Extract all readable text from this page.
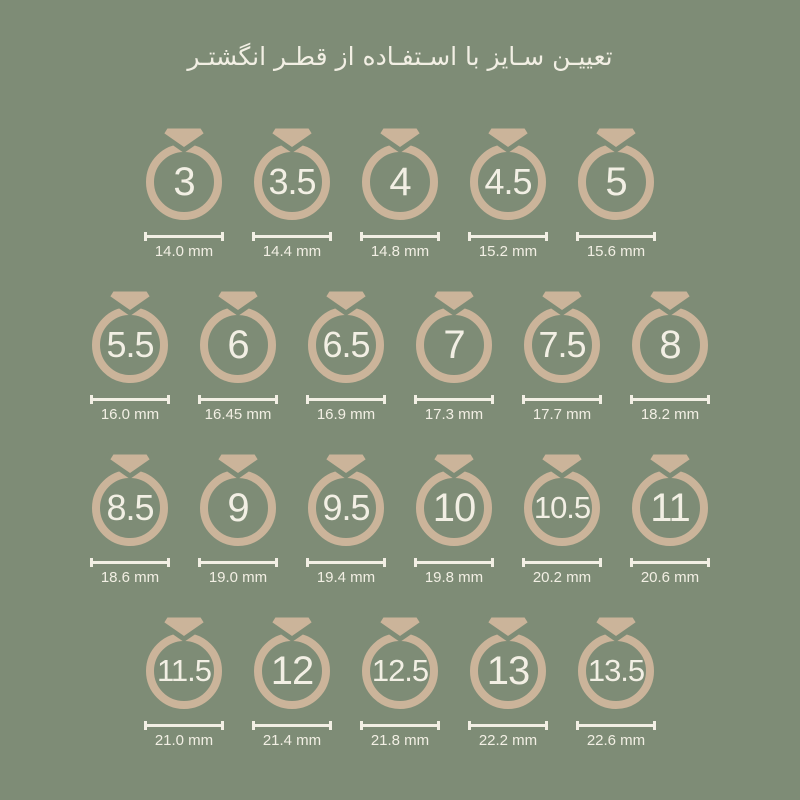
تعییـن سـایز با اسـتفـاده از قطـر انگشتـر
3
14.0 mm
3.5
14.4 mm
4
14.8 mm
4.5
15.2 mm
5
15.6 mm
5.5
16.0 mm
6
16.45 mm
6.5
16.9 mm
7
17.3 mm
7.5
17.7 mm
8
18.2 mm
8.5
18.6 mm
9
19.0 mm
9.5
19.4 mm
10
19.8 mm
10.5
20.2 mm
11
20.6 mm
11.5
21.0 mm
12
21.4 mm
12.5
21.8 mm
13
22.2 mm
13.5
22.6 mm
